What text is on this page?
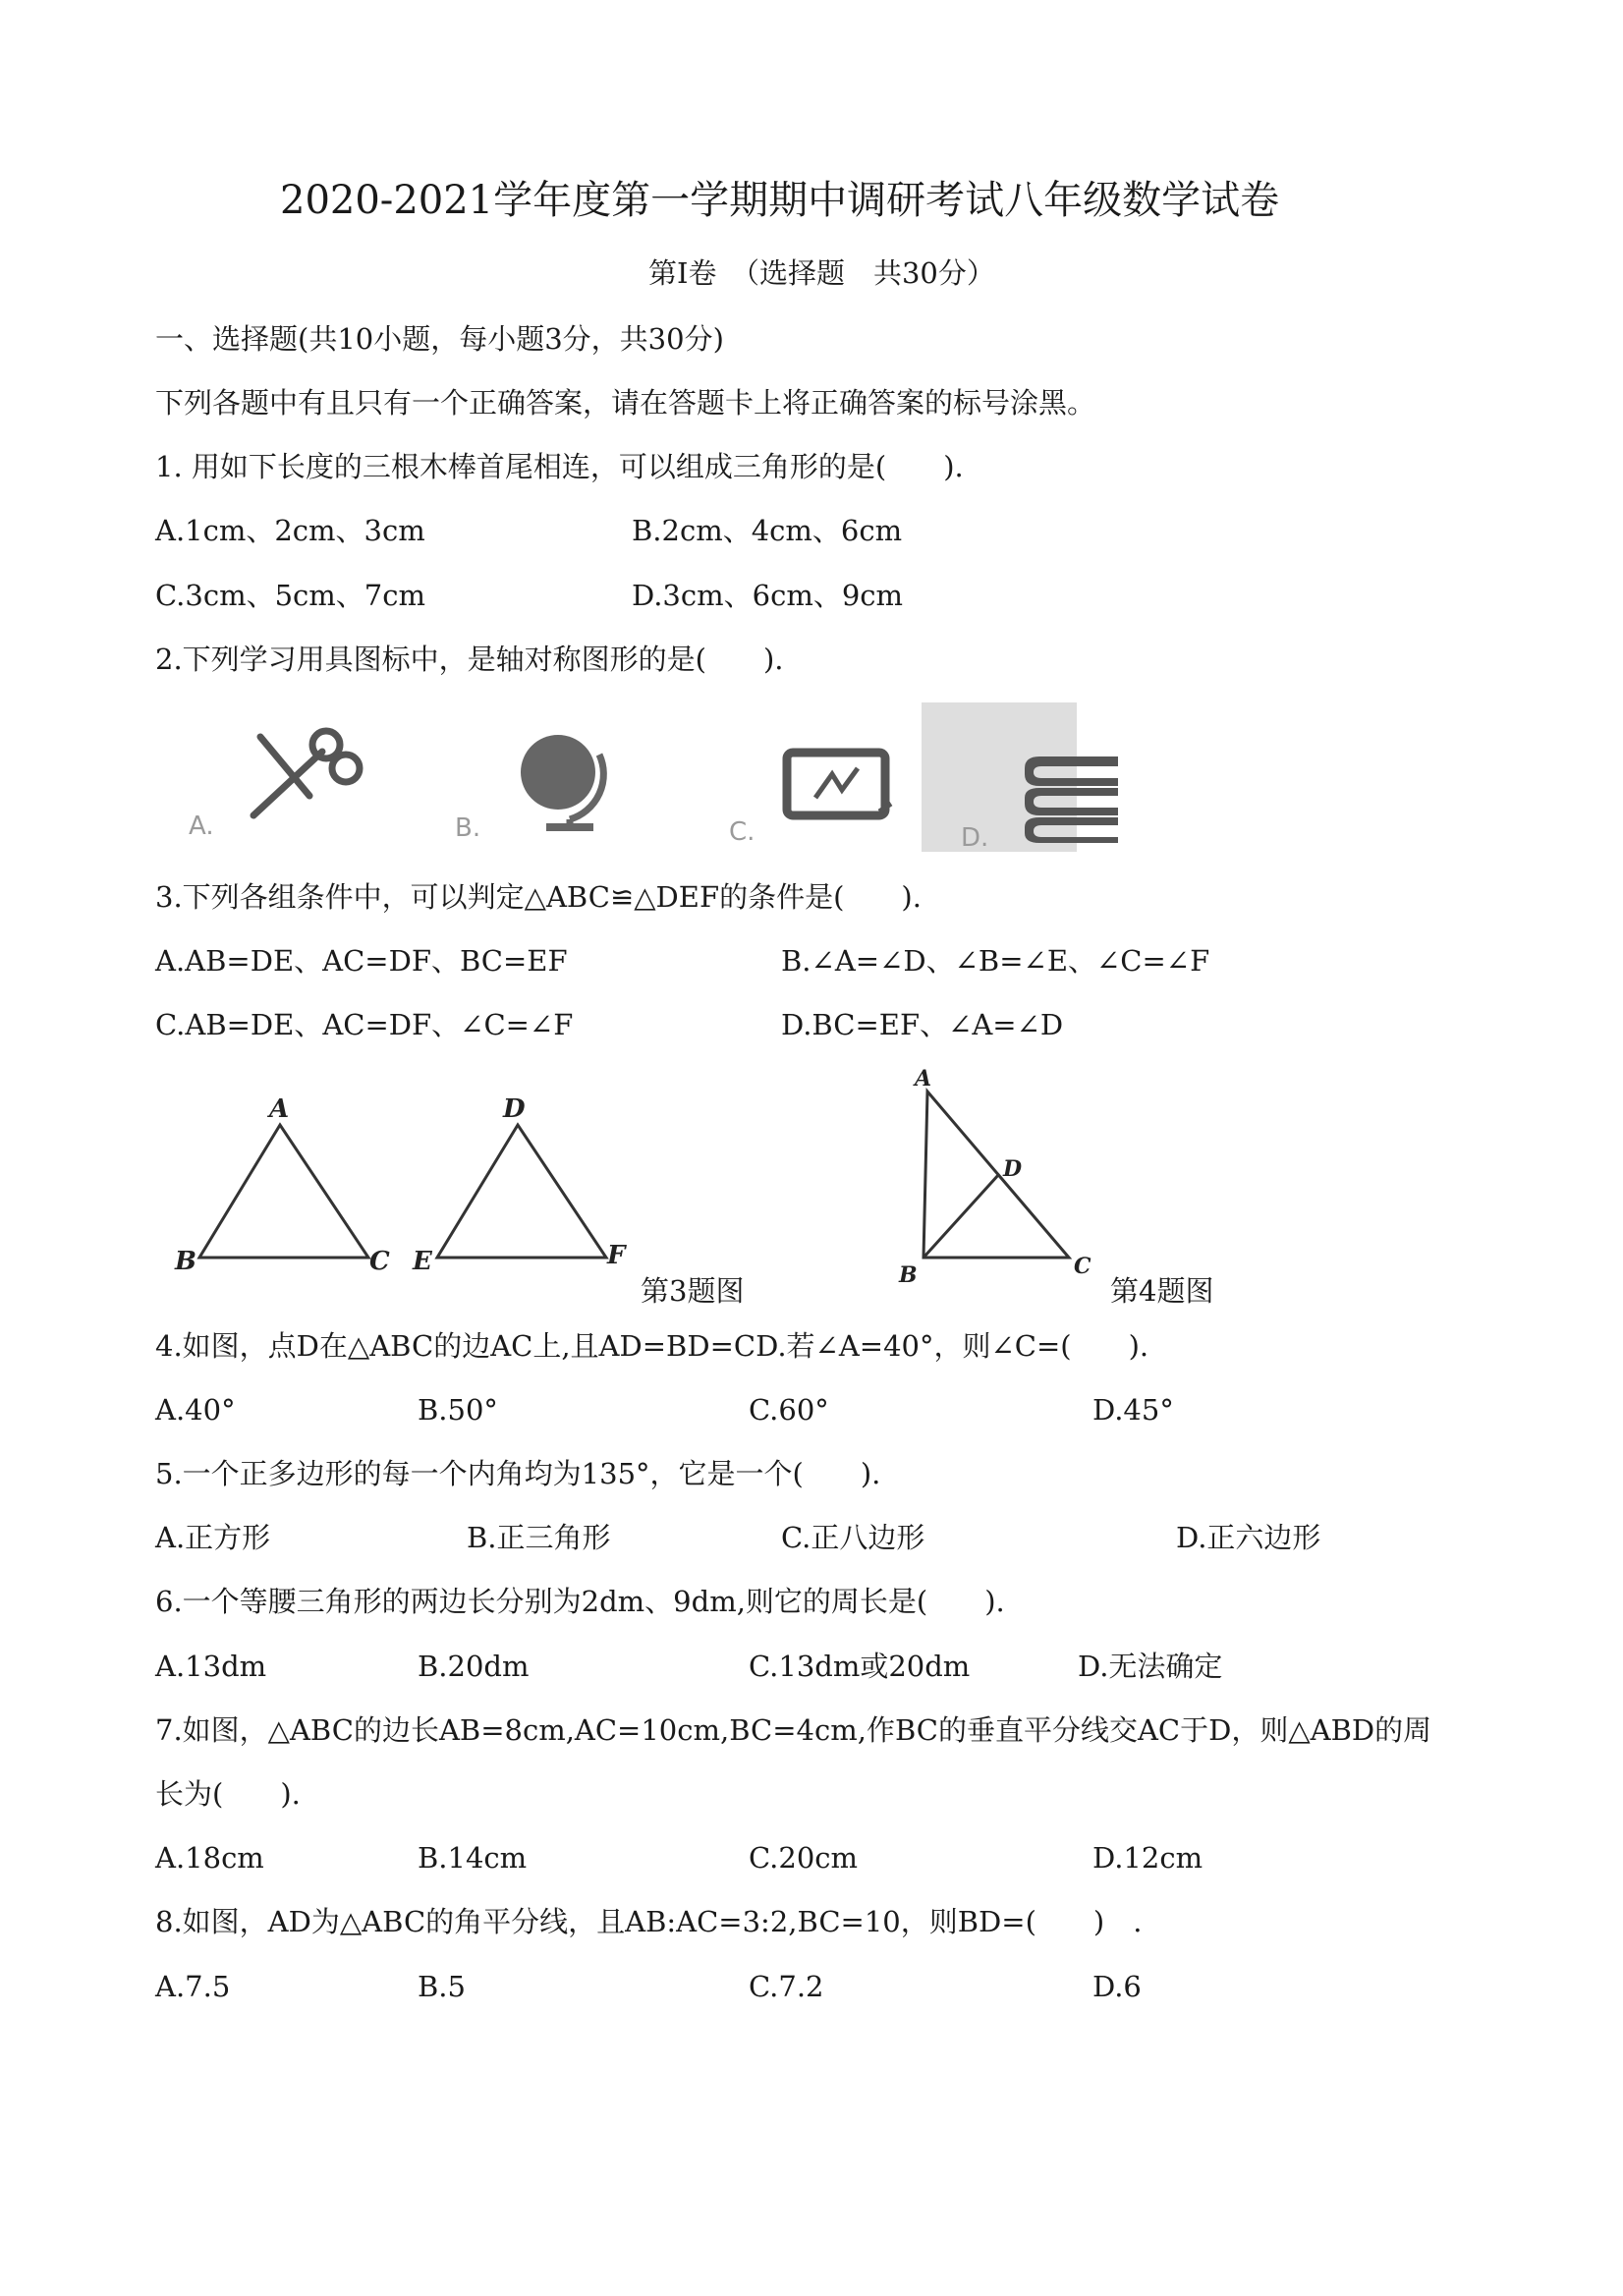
2020-2021学年度第一学期期中调研考试八年级数学试卷
第Ⅰ卷　（选择题　共30分）
一、选择题(共10小题，每小题3分，共30分)
下列各题中有且只有一个正确答案，请在答题卡上将正确答案的标号涂黑。
1. 用如下长度的三根木棒首尾相连，可以组成三角形的是(　　).
A.1cm、2cm、3cm	B.2cm、4cm、6cm
C.3cm、5cm、7cm	D.3cm、6cm、9cm
2.下列学习用具图标中，是轴对称图形的是(　　).
A.	B.	C.	D.
3.下列各组条件中，可以判定△ABC≌△DEF的条件是(　　).
A.AB=DE、AC=DF、BC=EF	B.∠A=∠D、∠B=∠E、∠C=∠F
C.AB=DE、AC=DF、∠C=∠F	D.BC=EF、∠A=∠D
A
B	C
D
E	F
第3题图
A
B	C
D
第4题图
4.如图，点D在△ABC的边AC上,且AD=BD=CD.若∠A=40°，则∠C=(　　).
A.40°	B.50°	C.60°	D.45°
5.一个正多边形的每一个内角均为135°，它是一个(　　).
A.正方形	B.正三角形	C.正八边形	D.正六边形
6.一个等腰三角形的两边长分别为2dm、9dm,则它的周长是(　　).
A.13dm	B.20dm	C.13dm或20dm	D.无法确定
7.如图，△ABC的边长AB=8cm,AC=10cm,BC=4cm,作BC的垂直平分线交AC于D，则△ABD的周
长为(　　).
A.18cm	B.14cm	C.20cm	D.12cm
8.如图，AD为△ABC的角平分线，且AB:AC=3:2,BC=10，则BD=(　　)　.
A.7.5	B.5	C.7.2	D.6
